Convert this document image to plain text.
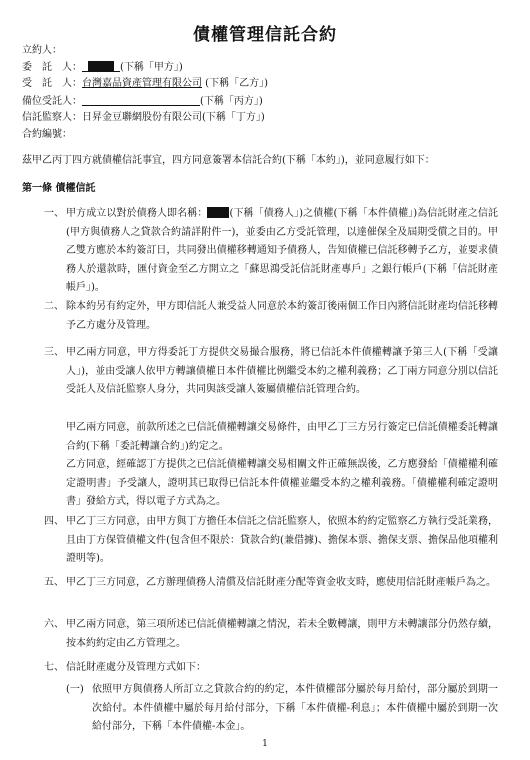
債權管理信託合約
立約人：
委　託　人：	(下稱「甲方」)
受　託　人：台灣嘉品資產管理有限公司 (下稱「乙方」)
備位受託人：	(下稱「丙方」)
信託監察人：日昇金豆聯網股份有限公司(下稱「丁方」)
合約編號：
茲甲乙丙丁四方就債權信託事宜，四方同意簽署本信託合約(下稱「本約」)，並同意履行如下：
第一條 債權信託
一、 甲方成立以對於債務人即名稱： (下稱「債務人」)之債權(下稱「本件債權」)為信託財產之信託(甲方與債務人之貸款合約請詳附件一)，並委由乙方受託管理，以達催保全及屆期受償之目的。甲乙雙方應於本約簽訂日，共同發出債權移轉通知予債務人，告知債權已信託移轉予乙方，並要求債務人於還款時，匯付資金至乙方開立之「蘇思鴻受託信託財產專戶」之銀行帳戶(下稱「信託財產帳戶」)。
二、 除本約另有約定外，甲方即信託人兼受益人同意於本約簽訂後兩個工作日內將信託財產均信託移轉予乙方處分及管理。
三、 甲乙兩方同意，甲方得委託丁方提供交易撮合服務，將已信託本件債權轉讓予第三人(下稱「受讓人」)，並由受讓人依甲方轉讓債權日本件債權比例繼受本約之權利義務；乙丁兩方同意分別以信託受託人及信託監察人身分，共同與該受讓人簽屬債權信託管理合約。
甲乙兩方同意，前款所述之已信託債權轉讓交易條件，由甲乙丁三方另行簽定已信託債權委託轉讓合約(下稱「委託轉讓合約」)約定之。
乙方同意，經確認丁方提供之已信託債權轉讓交易相關文件正確無誤後，乙方應發給「債權權利確定證明書」予受讓人，證明其已取得已信託本件債權並繼受本約之權利義務。「債權權利確定證明書」發給方式，得以電子方式為之。
四、 甲乙丁三方同意，由甲方與丁方擔任本信託之信託監察人，依照本約約定監察乙方執行受託業務，且由丁方保管債權文件(包含但不限於：貸款合約(兼借據)、擔保本票、擔保支票、擔保品他項權利證明等)。
五、 甲乙丁三方同意，乙方辦理債務人清償及信託財產分配等資金收支時，應使用信託財產帳戶為之。
六、 甲乙兩方同意，第三項所述已信託債權轉讓之情況，若未全數轉讓，則甲方未轉讓部分仍然存續，按本約約定由乙方管理之。
七、 信託財產處分及管理方式如下：
(一) 依照甲方與債務人所訂立之貸款合約的約定，本件債權部分屬於每月給付，部分屬於到期一次給付。本件債權中屬於每月給付部分，下稱「本件債權-利息」；本件債權中屬於到期一次給付部分，下稱「本件債權-本金」。
1
